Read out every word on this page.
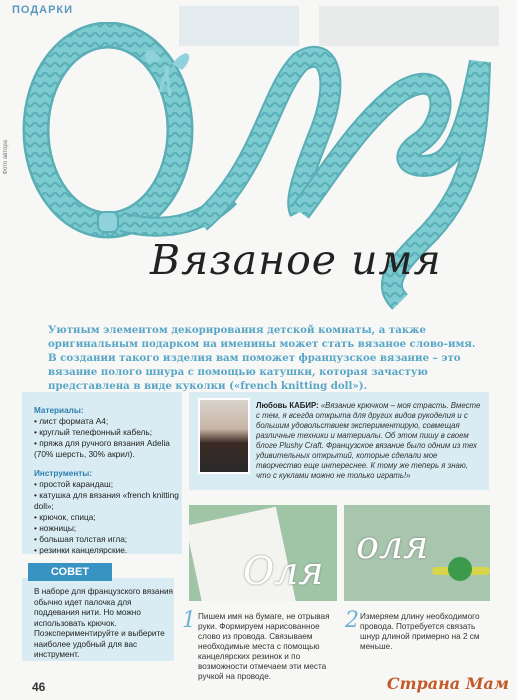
ПОДАРКИ
Фото автора
Вязаное имя
Уютным элементом декорирования детской комнаты, а также оригинальным подарком на именины может стать вязаное слово-имя. В создании такого изделия вам поможет французское вязание – это вязание полого шнура с помощью катушки, которая зачастую представлена в виде куколки («french knitting doll»).
Материалы:
• лист формата А4;
• круглый телефонный кабель;
• пряжа для ручного вязания Adelia (70% шерсть, 30% акрил).
Инструменты:
• простой карандаш;
• катушка для вязания «french knitting doll»;
• крючок, спица;
• ножницы;
• большая толстая игла;
• резинки канцелярские.
СОВЕТ
В наборе для французского вязания обычно идет палочка для поддевания нити. Но можно использовать крючок. Поэкспериментируйте и выберите наиболее удобный для вас инструмент.
Любовь КАБИР: «Вязание крючком – моя страсть. Вместе с тем, я всегда открыта для других видов рукоделия и с большим удовольствием экспериментирую, совмещая различные техники и материалы. Об этом пишу в своем блоге Plushy Craft. Французское вязание было одним из тех удивительных открытий, которые сделали мое творчество еще интереснее. К тому же теперь я знаю, что с куклами можно не только играть!»
Оля
оля
1 Пишем имя на бумаге, не отрывая руки. Формируем нарисованное слово из провода. Связываем необходимые места с помощью канцелярских резинок и по возможности отмечаем эти места ручкой на проводе.
2 Измеряем длину необходимого провода. Потребуется связать шнур длиной примерно на 2 см меньше.
46	Страна Мам
